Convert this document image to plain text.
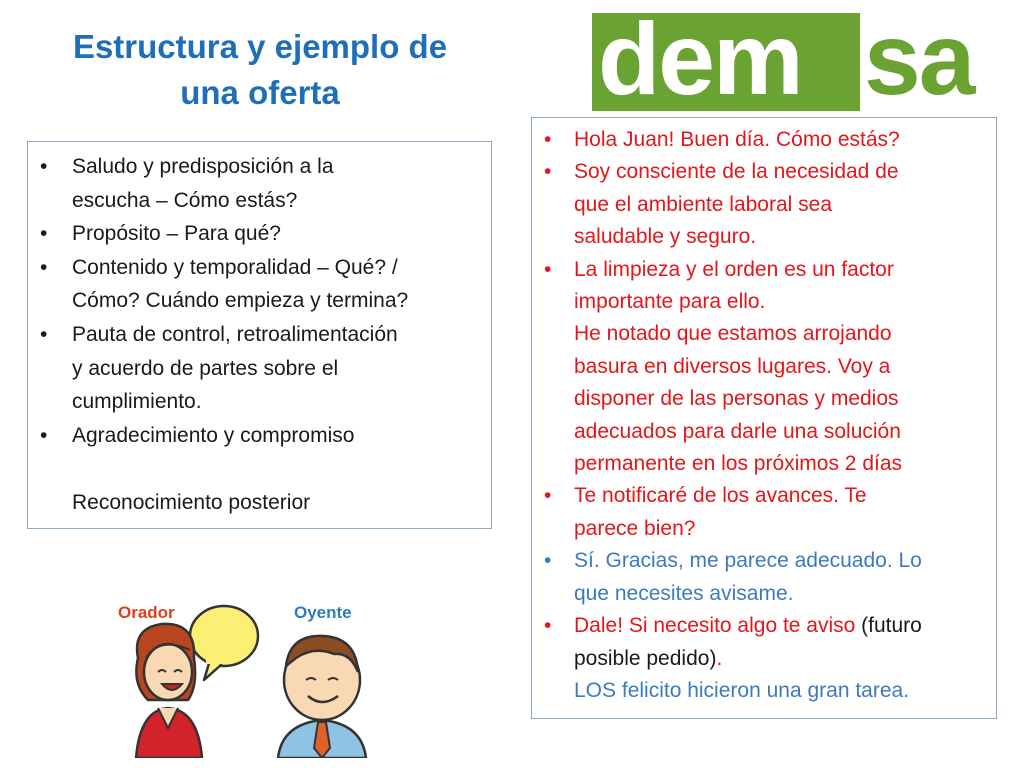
Estructura y ejemplo de
una oferta	dem sa
• Saludo y predisposición a la
escucha – Cómo estás?
• Propósito – Para qué?
• Contenido y temporalidad – Qué? /
Cómo? Cuándo empieza y termina?
• Pauta de control, retroalimentación
y acuerdo de partes sobre el
cumplimiento.
• Agradecimiento y compromiso

Reconocimiento posterior
• Hola Juan! Buen día. Cómo estás?
• Soy consciente de la necesidad de
que el ambiente laboral sea
saludable y seguro.
• La limpieza y el orden es un factor
importante para ello.
He notado que estamos arrojando
basura en diversos lugares. Voy a
disponer de las personas y medios
adecuados para darle una solución
permanente en los próximos 2 días
• Te notificaré de los avances. Te
parece bien?
• Sí. Gracias, me parece adecuado. Lo
que necesites avisame.
• Dale! Si necesito algo te aviso (futuro
posible pedido).
LOS felicito hicieron una gran tarea.
Orador	Oyente
